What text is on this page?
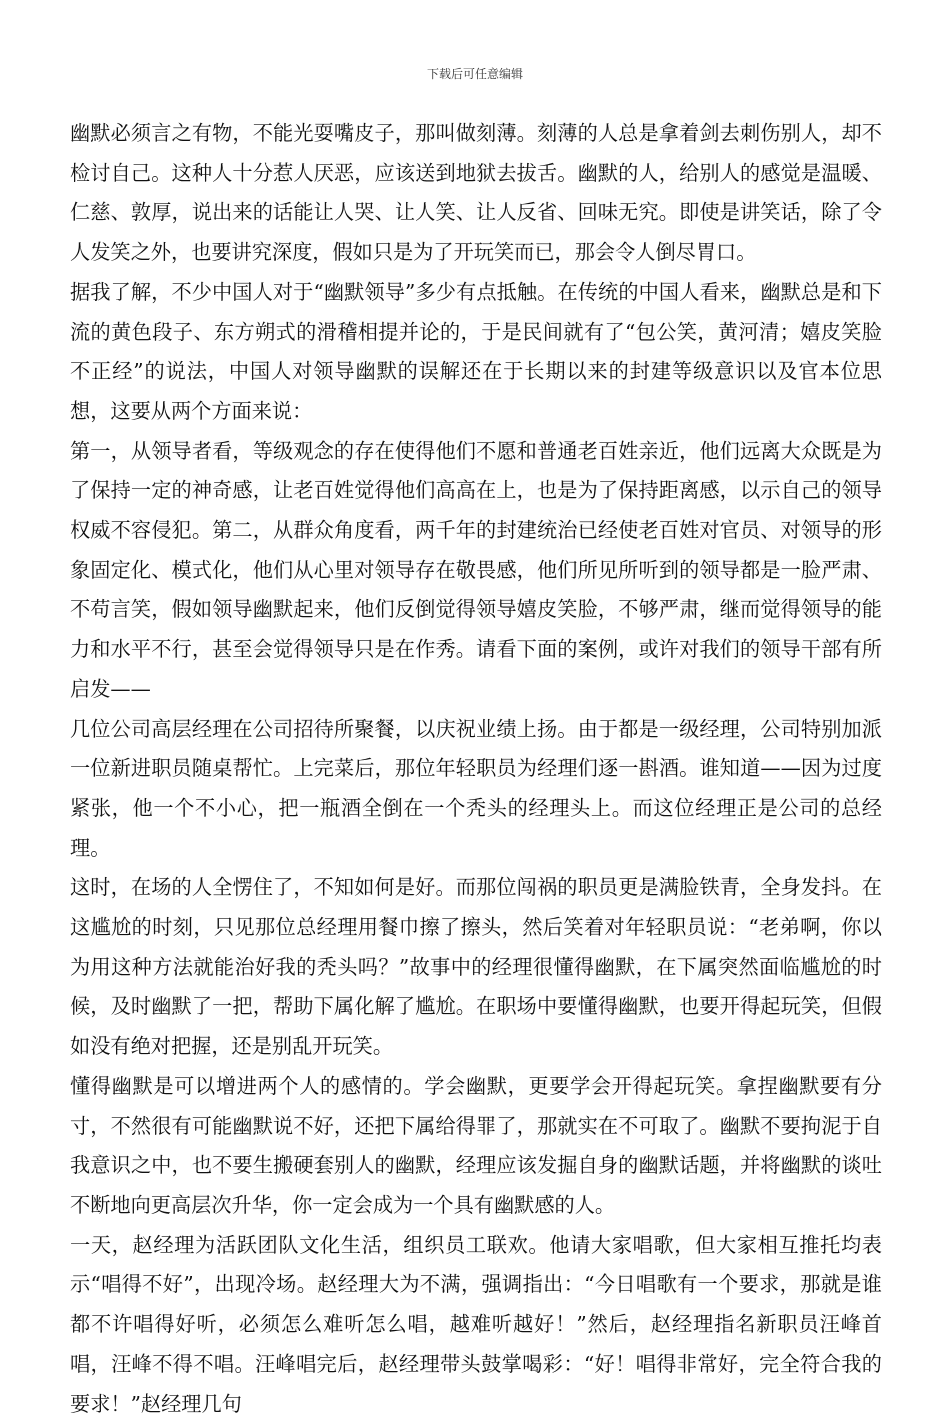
下载后可任意编辑

幽默必须言之有物，不能光耍嘴皮子，那叫做刻薄。刻薄的人总是拿着剑去刺伤别人，却不检讨自己。这种人十分惹人厌恶，应该送到地狱去拔舌。幽默的人，给别人的感觉是温暖、仁慈、敦厚，说出来的话能让人哭、让人笑、让人反省、回味无究。即使是讲笑话，除了令人发笑之外，也要讲究深度，假如只是为了开玩笑而已，那会令人倒尽胃口。

据我了解，不少中国人对于“幽默领导”多少有点抵触。在传统的中国人看来，幽默总是和下流的黄色段子、东方朔式的滑稽相提并论的，于是民间就有了“包公笑，黄河清；嬉皮笑脸不正经”的说法，中国人对领导幽默的误解还在于长期以来的封建等级意识以及官本位思想，这要从两个方面来说：

第一，从领导者看，等级观念的存在使得他们不愿和普通老百姓亲近，他们远离大众既是为了保持一定的神奇感，让老百姓觉得他们高高在上，也是为了保持距离感，以示自己的领导权威不容侵犯。第二，从群众角度看，两千年的封建统治已经使老百姓对官员、对领导的形象固定化、模式化，他们从心里对领导存在敬畏感，他们所见所听到的领导都是一脸严肃、不苟言笑，假如领导幽默起来，他们反倒觉得领导嬉皮笑脸，不够严肃，继而觉得领导的能力和水平不行，甚至会觉得领导只是在作秀。请看下面的案例，或许对我们的领导干部有所启发——

几位公司高层经理在公司招待所聚餐，以庆祝业绩上扬。由于都是一级经理，公司特别加派一位新进职员随桌帮忙。上完菜后，那位年轻职员为经理们逐一斟酒。谁知道——因为过度紧张，他一个不小心，把一瓶酒全倒在一个秃头的经理头上。而这位经理正是公司的总经理。

这时，在场的人全愣住了，不知如何是好。而那位闯祸的职员更是满脸铁青，全身发抖。在这尴尬的时刻，只见那位总经理用餐巾擦了擦头，然后笑着对年轻职员说：“老弟啊，你以为用这种方法就能治好我的秃头吗？”故事中的经理很懂得幽默，在下属突然面临尴尬的时候，及时幽默了一把，帮助下属化解了尴尬。在职场中要懂得幽默，也要开得起玩笑，但假如没有绝对把握，还是别乱开玩笑。

懂得幽默是可以增进两个人的感情的。学会幽默，更要学会开得起玩笑。拿捏幽默要有分寸，不然很有可能幽默说不好，还把下属给得罪了，那就实在不可取了。幽默不要拘泥于自我意识之中，也不要生搬硬套别人的幽默，经理应该发掘自身的幽默话题，并将幽默的谈吐不断地向更高层次升华，你一定会成为一个具有幽默感的人。

一天，赵经理为活跃团队文化生活，组织员工联欢。他请大家唱歌，但大家相互推托均表示“唱得不好”，出现冷场。赵经理大为不满，强调指出：“今日唱歌有一个要求，那就是谁都不许唱得好听，必须怎么难听怎么唱，越难听越好！”然后，赵经理指名新职员汪峰首唱，汪峰不得不唱。汪峰唱完后，赵经理带头鼓掌喝彩：“好！唱得非常好，完全符合我的要求！”赵经理几句
